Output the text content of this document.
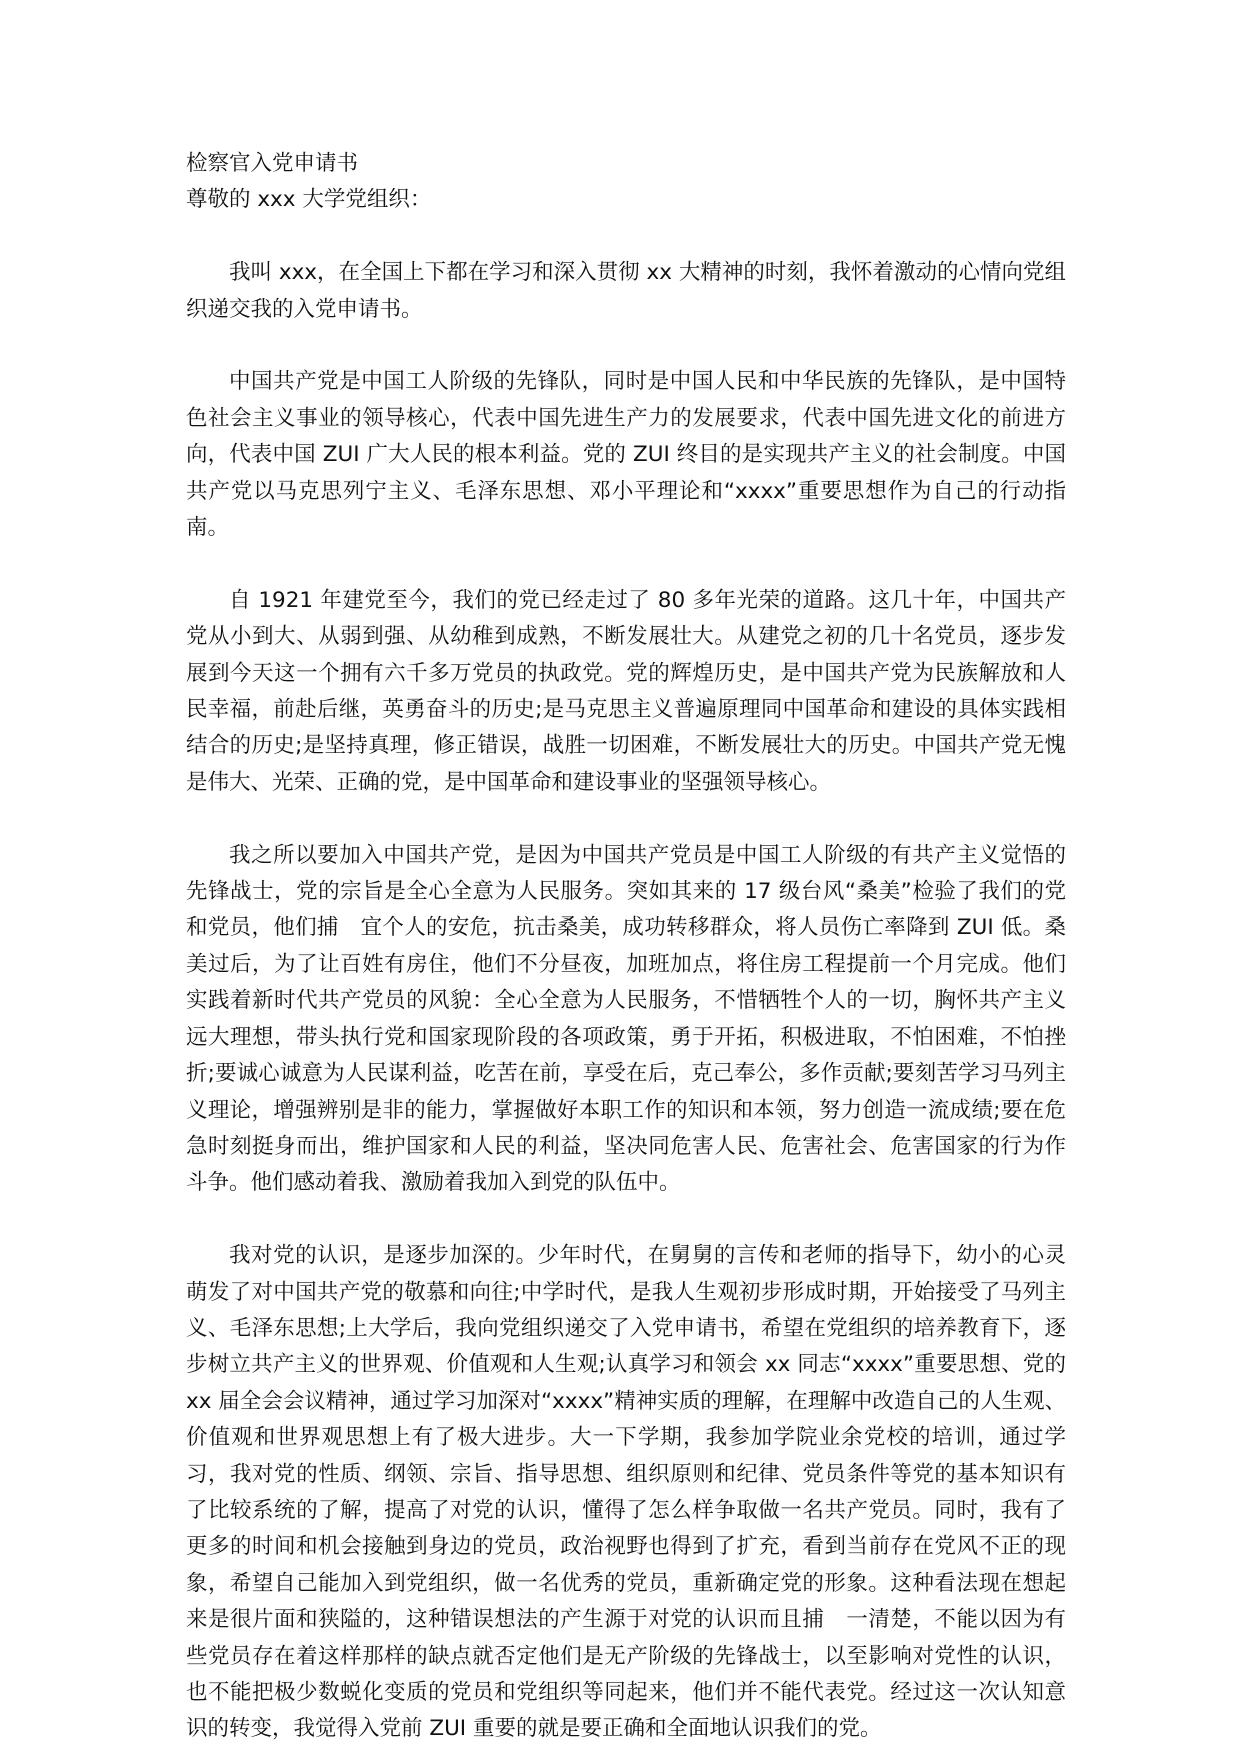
检察官入党申请书

尊敬的 xxx 大学党组织：

我叫 xxx，在全国上下都在学习和深入贯彻 xx 大精神的时刻，我怀着激动的心情向党组织递交我的入党申请书。

中国共产党是中国工人阶级的先锋队，同时是中国人民和中华民族的先锋队，是中国特色社会主义事业的领导核心，代表中国先进生产力的发展要求，代表中国先进文化的前进方向，代表中国 ZUI 广大人民的根本利益。党的 ZUI 终目的是实现共产主义的社会制度。中国共产党以马克思列宁主义、毛泽东思想、邓小平理论和“xxxx”重要思想作为自己的行动指南。

自 1921 年建党至今，我们的党已经走过了 80 多年光荣的道路。这几十年，中国共产党从小到大、从弱到强、从幼稚到成熟，不断发展壮大。从建党之初的几十名党员，逐步发展到今天这一个拥有六千多万党员的执政党。党的辉煌历史，是中国共产党为民族解放和人民幸福，前赴后继，英勇奋斗的历史;是马克思主义普遍原理同中国革命和建设的具体实践相结合的历史;是坚持真理，修正错误，战胜一切困难，不断发展壮大的历史。中国共产党无愧是伟大、光荣、正确的党，是中国革命和建设事业的坚强领导核心。

我之所以要加入中国共产党，是因为中国共产党员是中国工人阶级的有共产主义觉悟的先锋战士，党的宗旨是全心全意为人民服务。突如其来的 17 级台风“桑美”检验了我们的党和党员，他们捕　宜个人的安危，抗击桑美，成功转移群众，将人员伤亡率降到 ZUI 低。桑美过后，为了让百姓有房住，他们不分昼夜，加班加点，将住房工程提前一个月完成。他们实践着新时代共产党员的风貌：全心全意为人民服务，不惜牺牲个人的一切，胸怀共产主义远大理想，带头执行党和国家现阶段的各项政策，勇于开拓，积极进取，不怕困难，不怕挫折;要诚心诚意为人民谋利益，吃苦在前，享受在后，克己奉公，多作贡献;要刻苦学习马列主义理论，增强辨别是非的能力，掌握做好本职工作的知识和本领，努力创造一流成绩;要在危急时刻挺身而出，维护国家和人民的利益，坚决同危害人民、危害社会、危害国家的行为作斗争。他们感动着我、激励着我加入到党的队伍中。

我对党的认识，是逐步加深的。少年时代，在舅舅的言传和老师的指导下，幼小的心灵萌发了对中国共产党的敬慕和向往;中学时代，是我人生观初步形成时期，开始接受了马列主义、毛泽东思想;上大学后，我向党组织递交了入党申请书，希望在党组织的培养教育下，逐步树立共产主义的世界观、价值观和人生观;认真学习和领会 xx 同志“xxxx”重要思想、党的 xx 届全会会议精神，通过学习加深对“xxxx”精神实质的理解，在理解中改造自己的人生观、价值观和世界观思想上有了极大进步。大一下学期，我参加学院业余党校的培训，通过学习，我对党的性质、纲领、宗旨、指导思想、组织原则和纪律、党员条件等党的基本知识有了比较系统的了解，提高了对党的认识，懂得了怎么样争取做一名共产党员。同时，我有了更多的时间和机会接触到身边的党员，政治视野也得到了扩充，看到当前存在党风不正的现象，希望自己能加入到党组织，做一名优秀的党员，重新确定党的形象。这种看法现在想起来是很片面和狭隘的，这种错误想法的产生源于对党的认识而且捕　一清楚，不能以因为有些党员存在着这样那样的缺点就否定他们是无产阶级的先锋战士，以至影响对党性的认识，也不能把极少数蜕化变质的党员和党组织等同起来，他们并不能代表党。经过这一次认知意识的转变，我觉得入党前 ZUI 重要的就是要正确和全面地认识我们的党。
